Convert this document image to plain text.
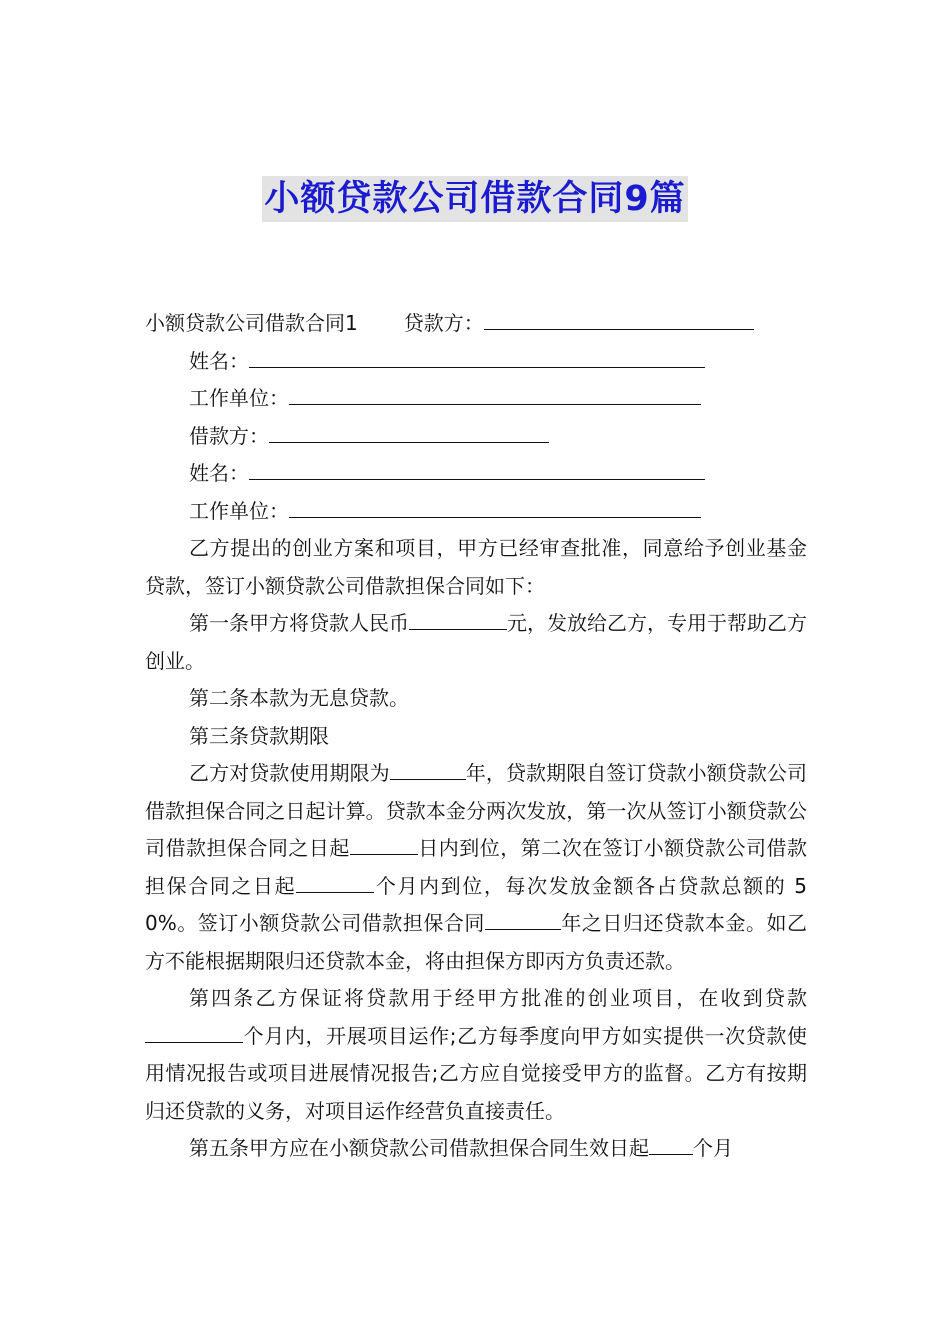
小额贷款公司借款合同9篇
小额贷款公司借款合同1 贷款方：
姓名：
工作单位：
借款方：
姓名：
工作单位：
乙方提出的创业方案和项目，甲方已经审查批准，同意给予创业基金贷款，签订小额贷款公司借款担保合同如下：
第一条甲方将贷款人民币	元，发放给乙方，专用于帮助乙方创业。
第二条本款为无息贷款。
第三条贷款期限
乙方对贷款使用期限为	年，贷款期限自签订贷款小额贷款公司借款担保合同之日起计算。贷款本金分两次发放，第一次从签订小额贷款公司借款担保合同之日起	日内到位，第二次在签订小额贷款公司借款担保合同之日起	个月内到位，每次发放金额各占贷款总额的 50%。签订小额贷款公司借款担保合同	年之日归还贷款本金。如乙方不能根据期限归还贷款本金，将由担保方即丙方负责还款。
第四条乙方保证将贷款用于经甲方批准的创业项目，在收到贷款个月内，开展项目运作;乙方每季度向甲方如实提供一次贷款使用情况报告或项目进展情况报告;乙方应自觉接受甲方的监督。乙方有按期归还贷款的义务，对项目运作经营负直接责任。
第五条甲方应在小额贷款公司借款担保合同生效日起 个月
